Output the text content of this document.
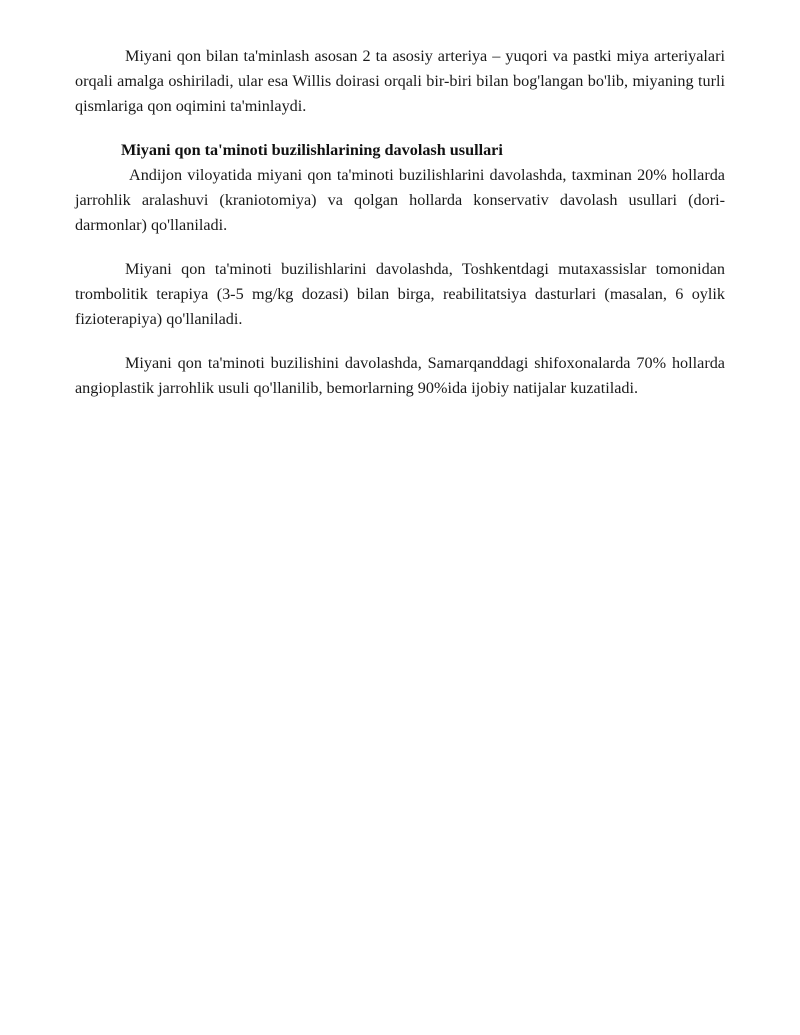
Miyani qon bilan ta'minlash asosan 2 ta asosiy arteriya – yuqori va pastki miya arteriyalari orqali amalga oshiriladi, ular esa Willis doirasi orqali bir-biri bilan bog'langan bo'lib, miyaning turli qismlariga qon oqimini ta'minlaydi.

Miyani qon ta'minoti buzilishlarining davolash usullari

Andijon viloyatida miyani qon ta'minoti buzilishlarini davolashda, taxminan 20% hollarda jarrohlik aralashuvi (kraniotomiya) va qolgan hollarda konservativ davolash usullari (dori-darmonlar) qo'llaniladi.

Miyani qon ta'minoti buzilishlarini davolashda, Toshkentdagi mutaxassislar tomonidan trombolitik terapiya (3-5 mg/kg dozasi) bilan birga, reabilitatsiya dasturlari (masalan, 6 oylik fizioterapiya) qo'llaniladi.

Miyani qon ta'minoti buzilishini davolashda, Samarqanddagi shifoxonalarda 70% hollarda angioplastik jarrohlik usuli qo'llanilib, bemorlarning 90%ida ijobiy natijalar kuzatiladi.
